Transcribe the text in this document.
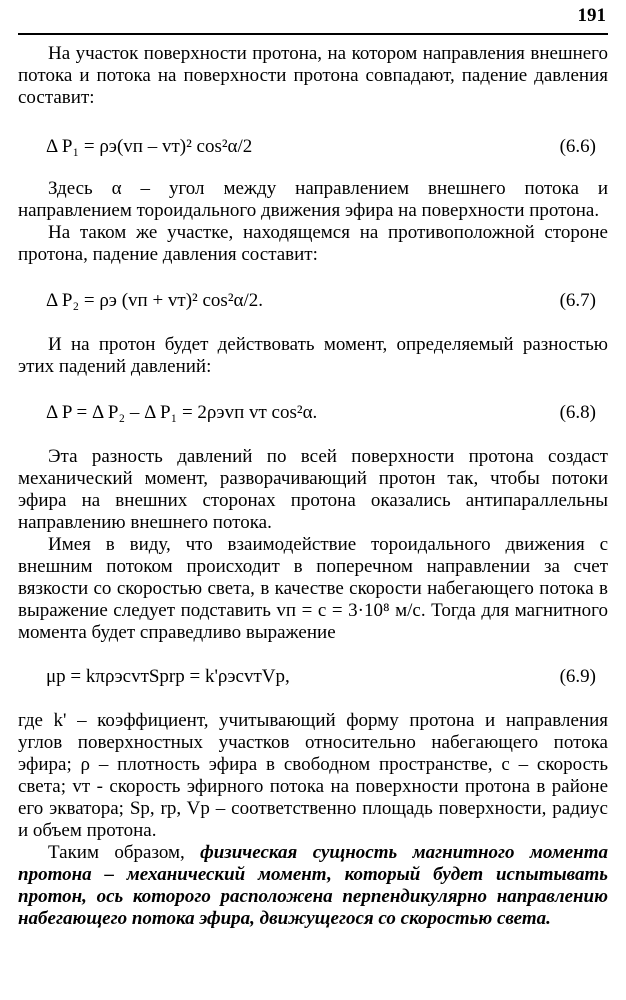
191
На участок поверхности протона, на котором направления внешнего потока и потока на поверхности протона совпадают, падение давления составит:
Δ P₁ = ρэ(vп – vт)² cos²α/2	(6.6)
Здесь α – угол между направлением внешнего потока и направлением тороидального движения эфира на поверхности протона.
На таком же участке, находящемся на противоположной стороне протона, падение давления составит:
Δ P₂ = ρэ (vп + vт)² cos²α/2.	(6.7)
И на протон будет действовать момент, определяемый разностью этих падений давлений:
Δ P = Δ P₂ – Δ P₁ = 2ρэvп vт cos²α.	(6.8)
Эта разность давлений по всей поверхности протона создаст механический момент, разворачивающий протон так, чтобы потоки эфира на внешних сторонах протона оказались антипараллельны направлению внешнего потока.
Имея в виду, что взаимодействие тороидального движения с внешним потоком происходит в поперечном направлении за счет вязкости со скоростью света, в качестве скорости набегающего потока в выражение следует подставить vп = c = 3·10⁸ м/с. Тогда для магнитного момента будет справедливо выражение
μp = kπρэcvтSprp = k'ρэcvтVp,	(6.9)
где k' – коэффициент, учитывающий форму протона и направления углов поверхностных участков относительно набегающего потока эфира; ρ – плотность эфира в свободном пространстве, c – скорость света; vт - скорость эфирного потока на поверхности протона в районе его экватора; Sp, rp, Vp – соответственно площадь поверхности, радиус и объем протона.
Таким образом, физическая сущность магнитного момента протона – механический момент, который будет испытывать протон, ось которого расположена перпендикулярно направлению набегающего потока эфира, движущегося со скоростью света.
